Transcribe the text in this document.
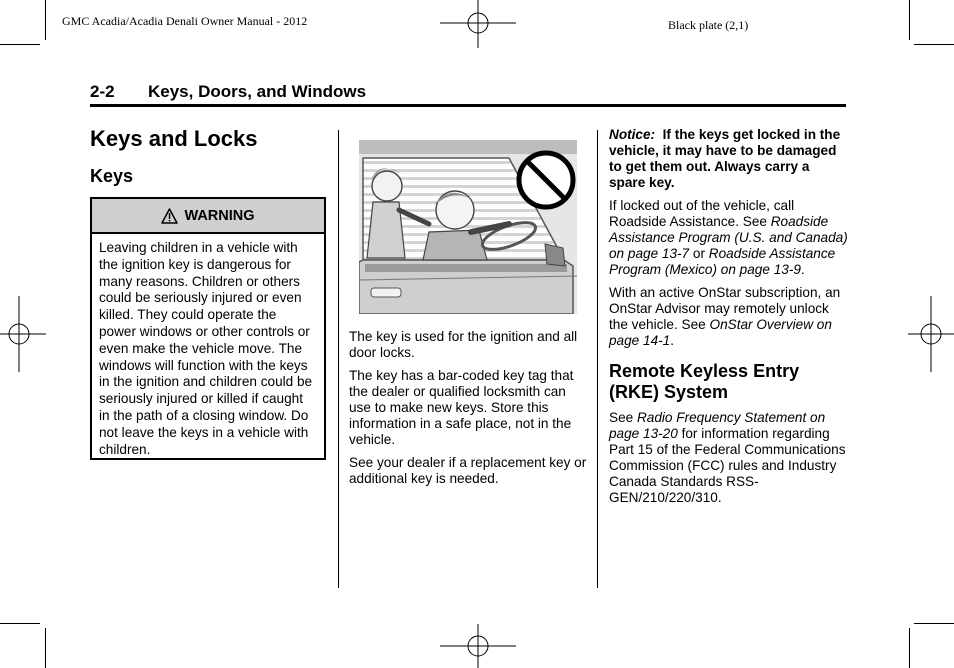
GMC Acadia/Acadia Denali Owner Manual - 2012	Black plate (2,1)
2-2 Keys, Doors, and Windows
Keys and Locks
Keys
WARNING
Leaving children in a vehicle with the ignition key is dangerous for many reasons. Children or others could be seriously injured or even killed. They could operate the power windows or other controls or even make the vehicle move. The windows will function with the keys in the ignition and children could be seriously injured or killed if caught in the path of a closing window. Do not leave the keys in a vehicle with children.

The key is used for the ignition and all door locks.

The key has a bar-coded key tag that the dealer or qualified locksmith can use to make new keys. Store this information in a safe place, not in the vehicle.

See your dealer if a replacement key or additional key is needed.

Notice: If the keys get locked in the vehicle, it may have to be damaged to get them out. Always carry a spare key.

If locked out of the vehicle, call Roadside Assistance. See Roadside Assistance Program (U.S. and Canada) on page 13-7 or Roadside Assistance Program (Mexico) on page 13-9.

With an active OnStar subscription, an OnStar Advisor may remotely unlock the vehicle. See OnStar Overview on page 14-1.

Remote Keyless Entry (RKE) System

See Radio Frequency Statement on page 13-20 for information regarding Part 15 of the Federal Communications Commission (FCC) rules and Industry Canada Standards RSS-GEN/210/220/310.
